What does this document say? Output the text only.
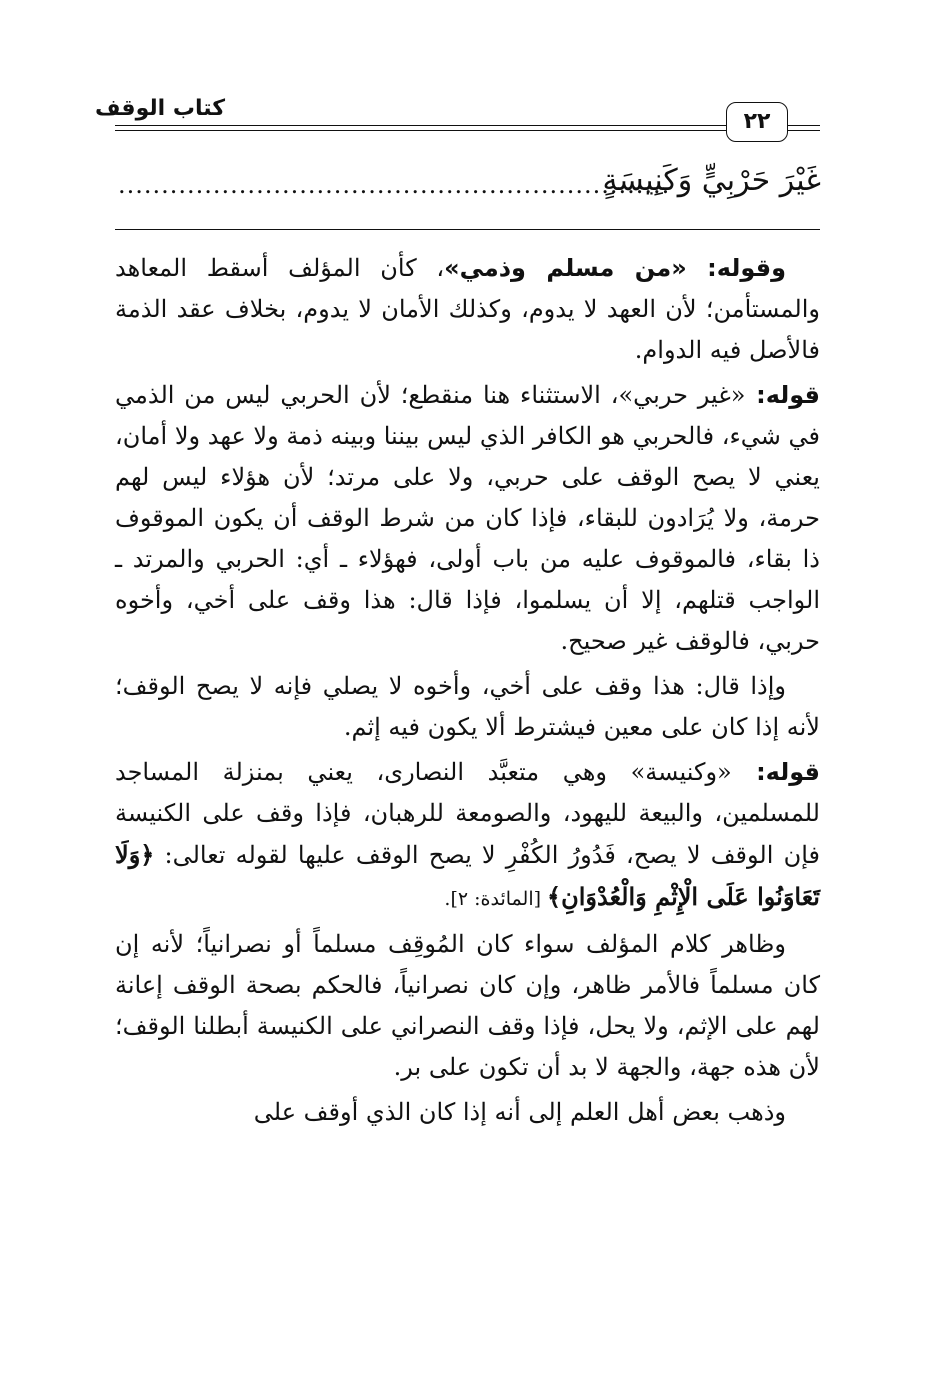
كتاب الوقف
٢٢
غَيْرَ حَرْبِيٍّ وَكَنِيسَةٍ
................................................................

وقوله: «من مسلم وذمي»، كأن المؤلف أسقط المعاهد والمستأمن؛ لأن العهد لا يدوم، وكذلك الأمان لا يدوم، بخلاف عقد الذمة فالأصل فيه الدوام.

قوله: «غير حربي»، الاستثناء هنا منقطع؛ لأن الحربي ليس من الذمي في شيء، فالحربي هو الكافر الذي ليس بيننا وبينه ذمة ولا عهد ولا أمان، يعني لا يصح الوقف على حربي، ولا على مرتد؛ لأن هؤلاء ليس لهم حرمة، ولا يُرَادون للبقاء، فإذا كان من شرط الوقف أن يكون الموقوف ذا بقاء، فالموقوف عليه من باب أولى، فهؤلاء ـ أي: الحربي والمرتد ـ الواجب قتلهم، إلا أن يسلموا، فإذا قال: هذا وقف على أخي، وأخوه حربي، فالوقف غير صحيح.

وإذا قال: هذا وقف على أخي، وأخوه لا يصلي فإنه لا يصح الوقف؛ لأنه إذا كان على معين فيشترط ألا يكون فيه إثم.

قوله: «وكنيسة» وهي متعبَّد النصارى، يعني بمنزلة المساجد للمسلمين، والبيعة لليهود، والصومعة للرهبان، فإذا وقف على الكنيسة فإن الوقف لا يصح، فَدُورُ الكُفْرِ لا يصح الوقف عليها لقوله تعالى: ﴿وَلَا تَعَاوَنُوا عَلَى الْإِثْمِ وَالْعُدْوَانِ﴾ [المائدة: ٢].

وظاهر كلام المؤلف سواء كان المُوقِف مسلماً أو نصرانياً؛ لأنه إن كان مسلماً فالأمر ظاهر، وإن كان نصرانياً، فالحكم بصحة الوقف إعانة لهم على الإثم، ولا يحل، فإذا وقف النصراني على الكنيسة أبطلنا الوقف؛ لأن هذه جهة، والجهة لا بد أن تكون على بر.

وذهب بعض أهل العلم إلى أنه إذا كان الذي أوقف على
